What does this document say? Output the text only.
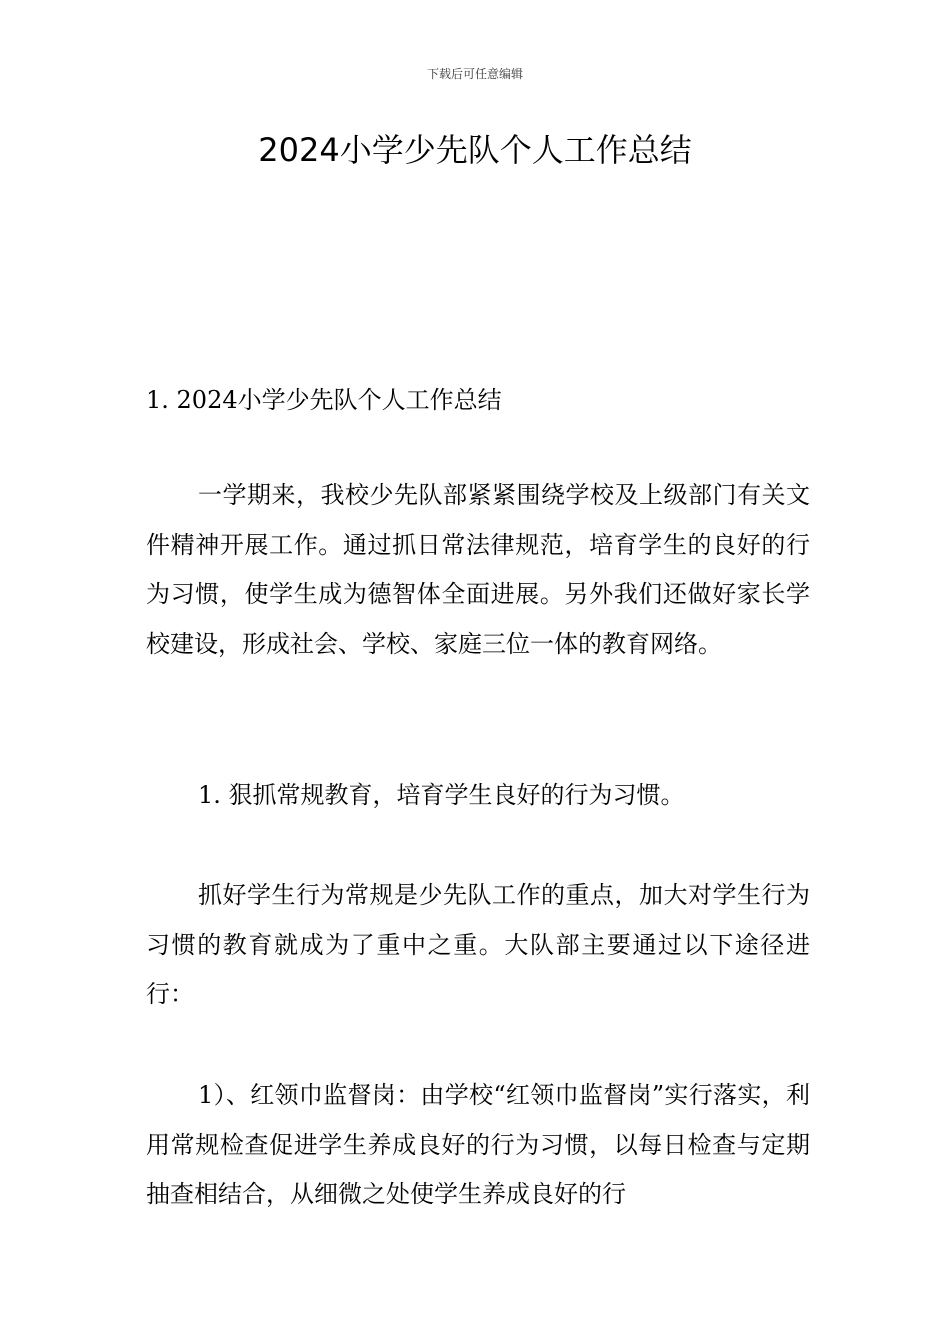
下载后可任意编辑
2024小学少先队个人工作总结

1. 2024小学少先队个人工作总结

一学期来，我校少先队部紧紧围绕学校及上级部门有关文件精神开展工作。通过抓日常法律规范，培育学生的良好的行为习惯，使学生成为德智体全面进展。另外我们还做好家长学校建设，形成社会、学校、家庭三位一体的教育网络。

1. 狠抓常规教育，培育学生良好的行为习惯。

抓好学生行为常规是少先队工作的重点，加大对学生行为习惯的教育就成为了重中之重。大队部主要通过以下途径进行：

1）、红领巾监督岗：由学校“红领巾监督岗”实行落实，利用常规检查促进学生养成良好的行为习惯，以每日检查与定期抽查相结合，从细微之处使学生养成良好的行
